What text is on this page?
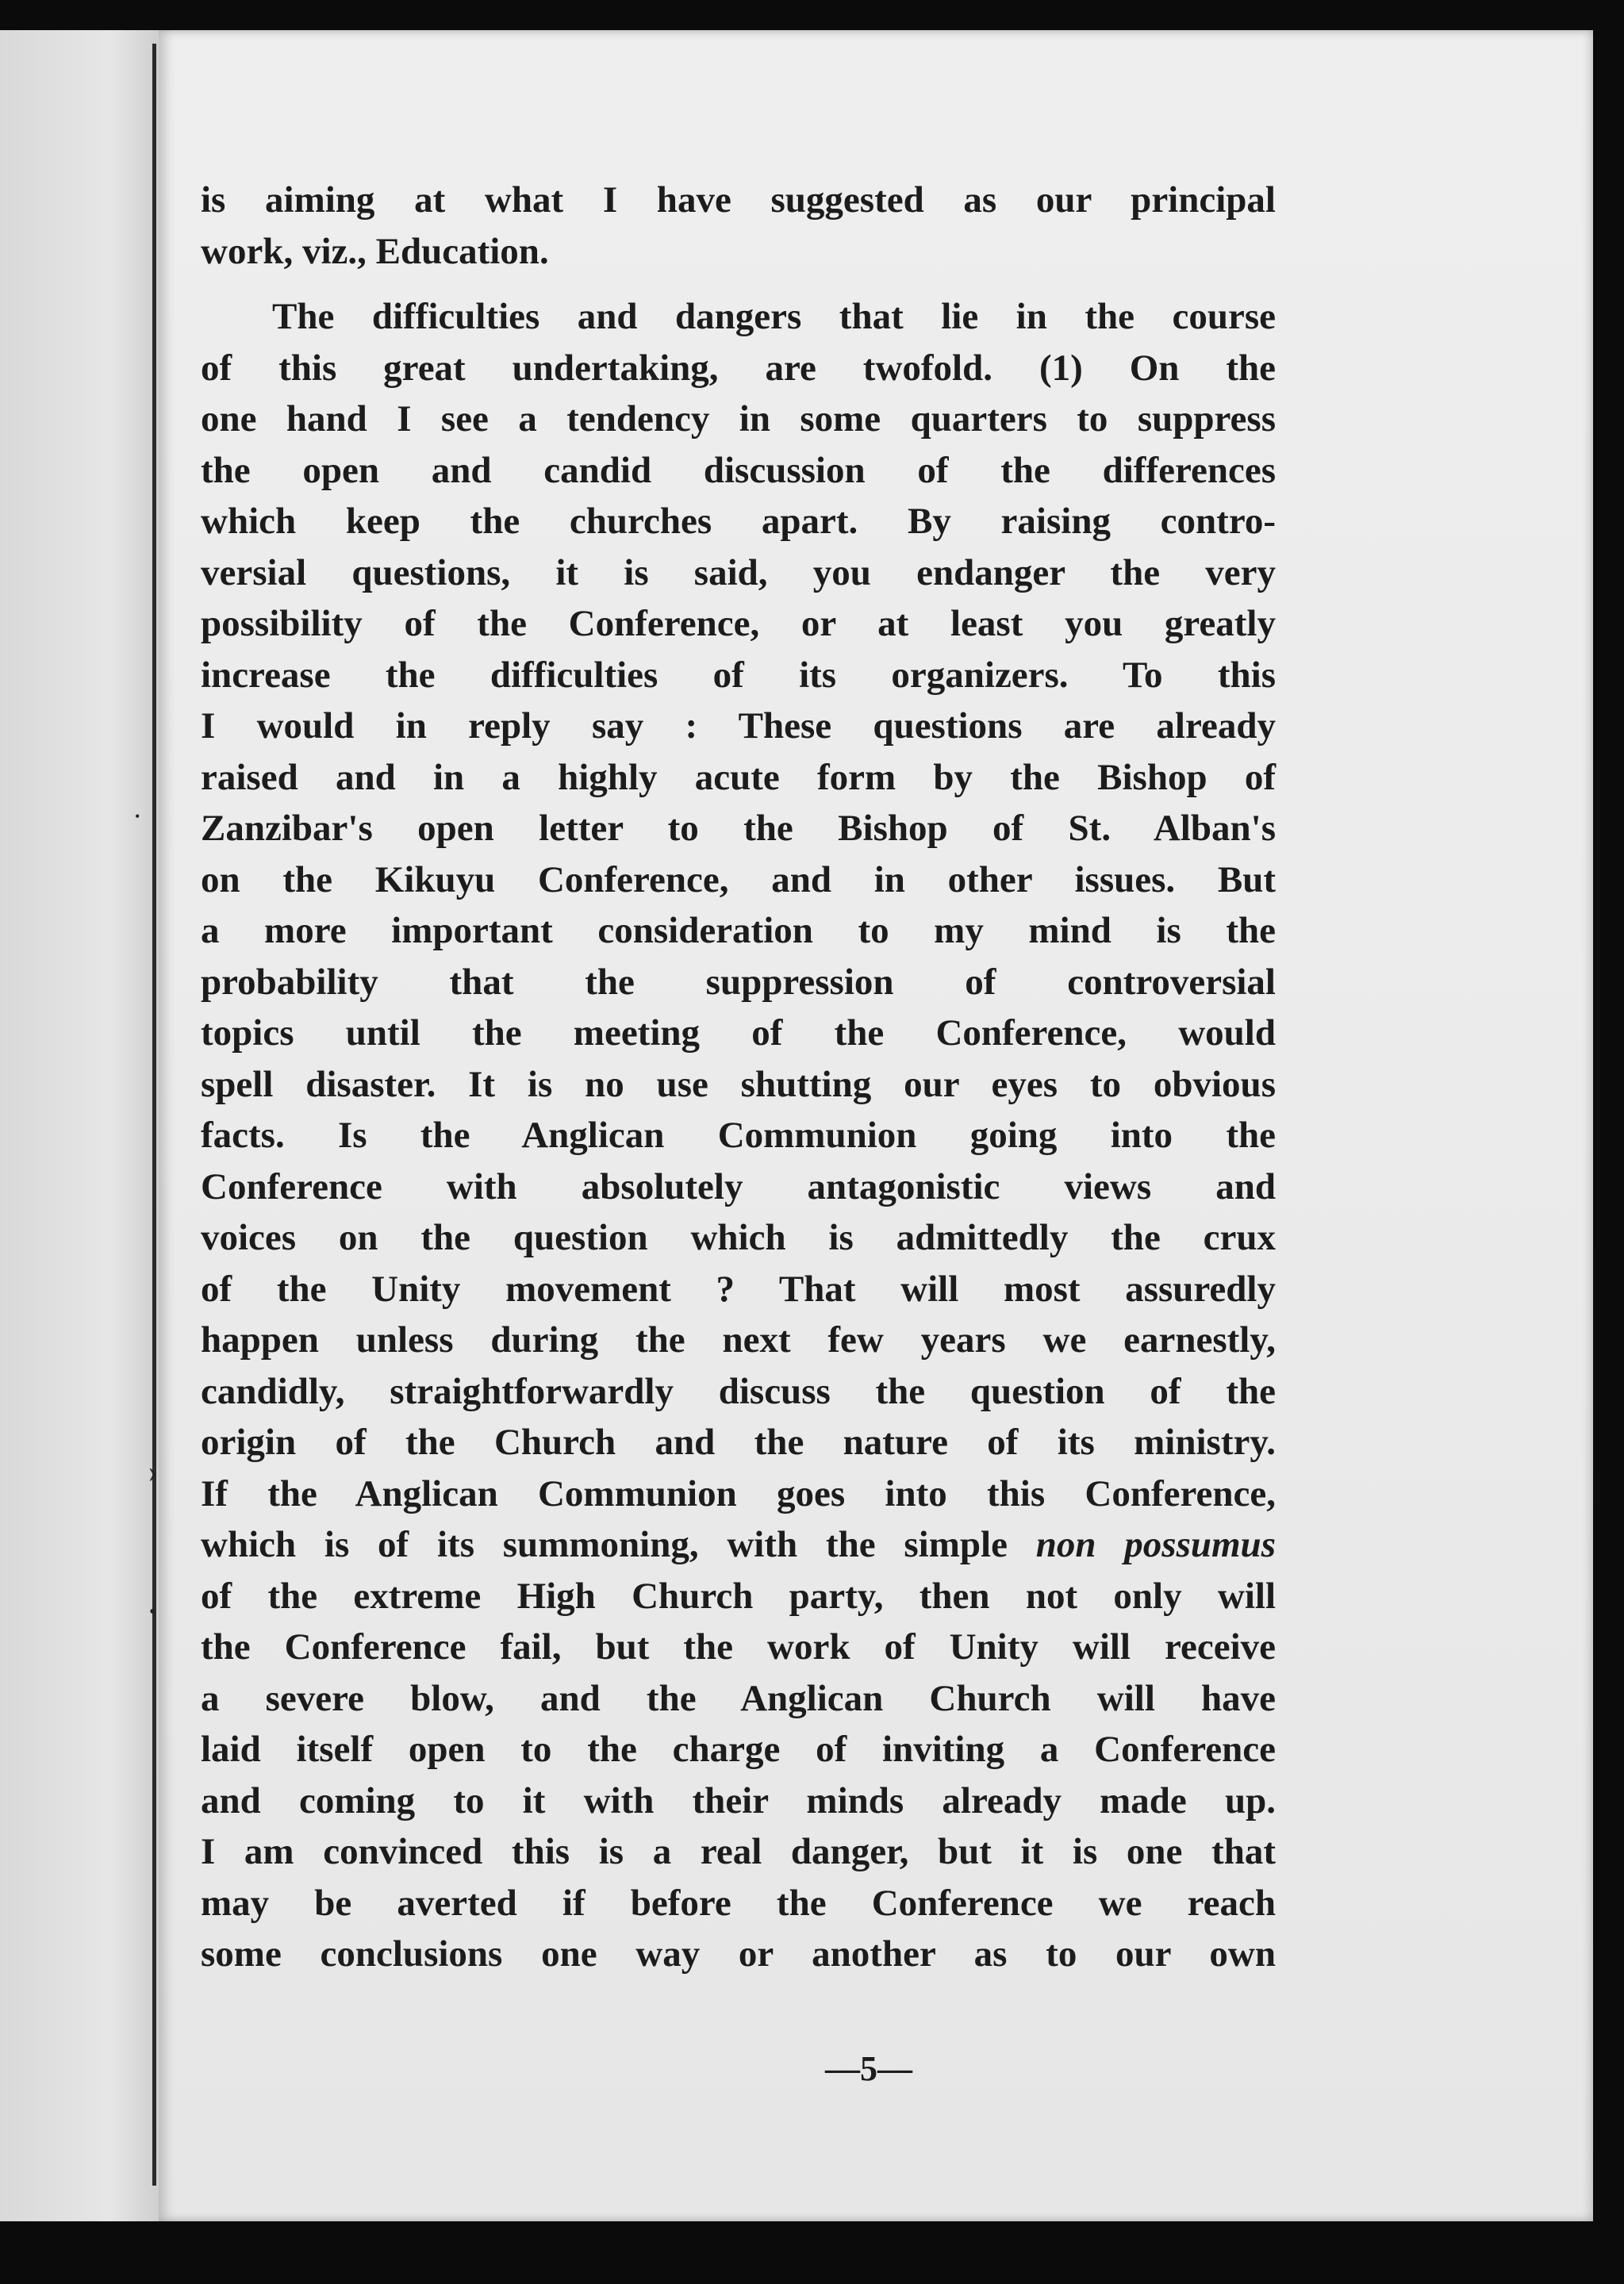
•
›
•
is aiming at what I have suggested as our principal
work, viz., Education.
The difficulties and dangers that lie in the course
of this great undertaking, are twofold. (1) On the
one hand I see a tendency in some quarters to suppress
the open and candid discussion of the differences
which keep the churches apart. By raising contro-
versial questions, it is said, you endanger the very
possibility of the Conference, or at least you greatly
increase the difficulties of its organizers. To this
I would in reply say : These questions are already
raised and in a highly acute form by the Bishop of
Zanzibar's open letter to the Bishop of St. Alban's
on the Kikuyu Conference, and in other issues. But
a more important consideration to my mind is the
probability that the suppression of controversial
topics until the meeting of the Conference, would
spell disaster. It is no use shutting our eyes to obvious
facts. Is the Anglican Communion going into the
Conference with absolutely antagonistic views and
voices on the question which is admittedly the crux
of the Unity movement ? That will most assuredly
happen unless during the next few years we earnestly,
candidly, straightforwardly discuss the question of the
origin of the Church and the nature of its ministry.
If the Anglican Communion goes into this Conference,
which is of its summoning, with the simple non possumus
of the extreme High Church party, then not only will
the Conference fail, but the work of Unity will receive
a severe blow, and the Anglican Church will have
laid itself open to the charge of inviting a Conference
and coming to it with their minds already made up.
I am convinced this is a real danger, but it is one that
may be averted if before the Conference we reach
some conclusions one way or another as to our own
—5—
